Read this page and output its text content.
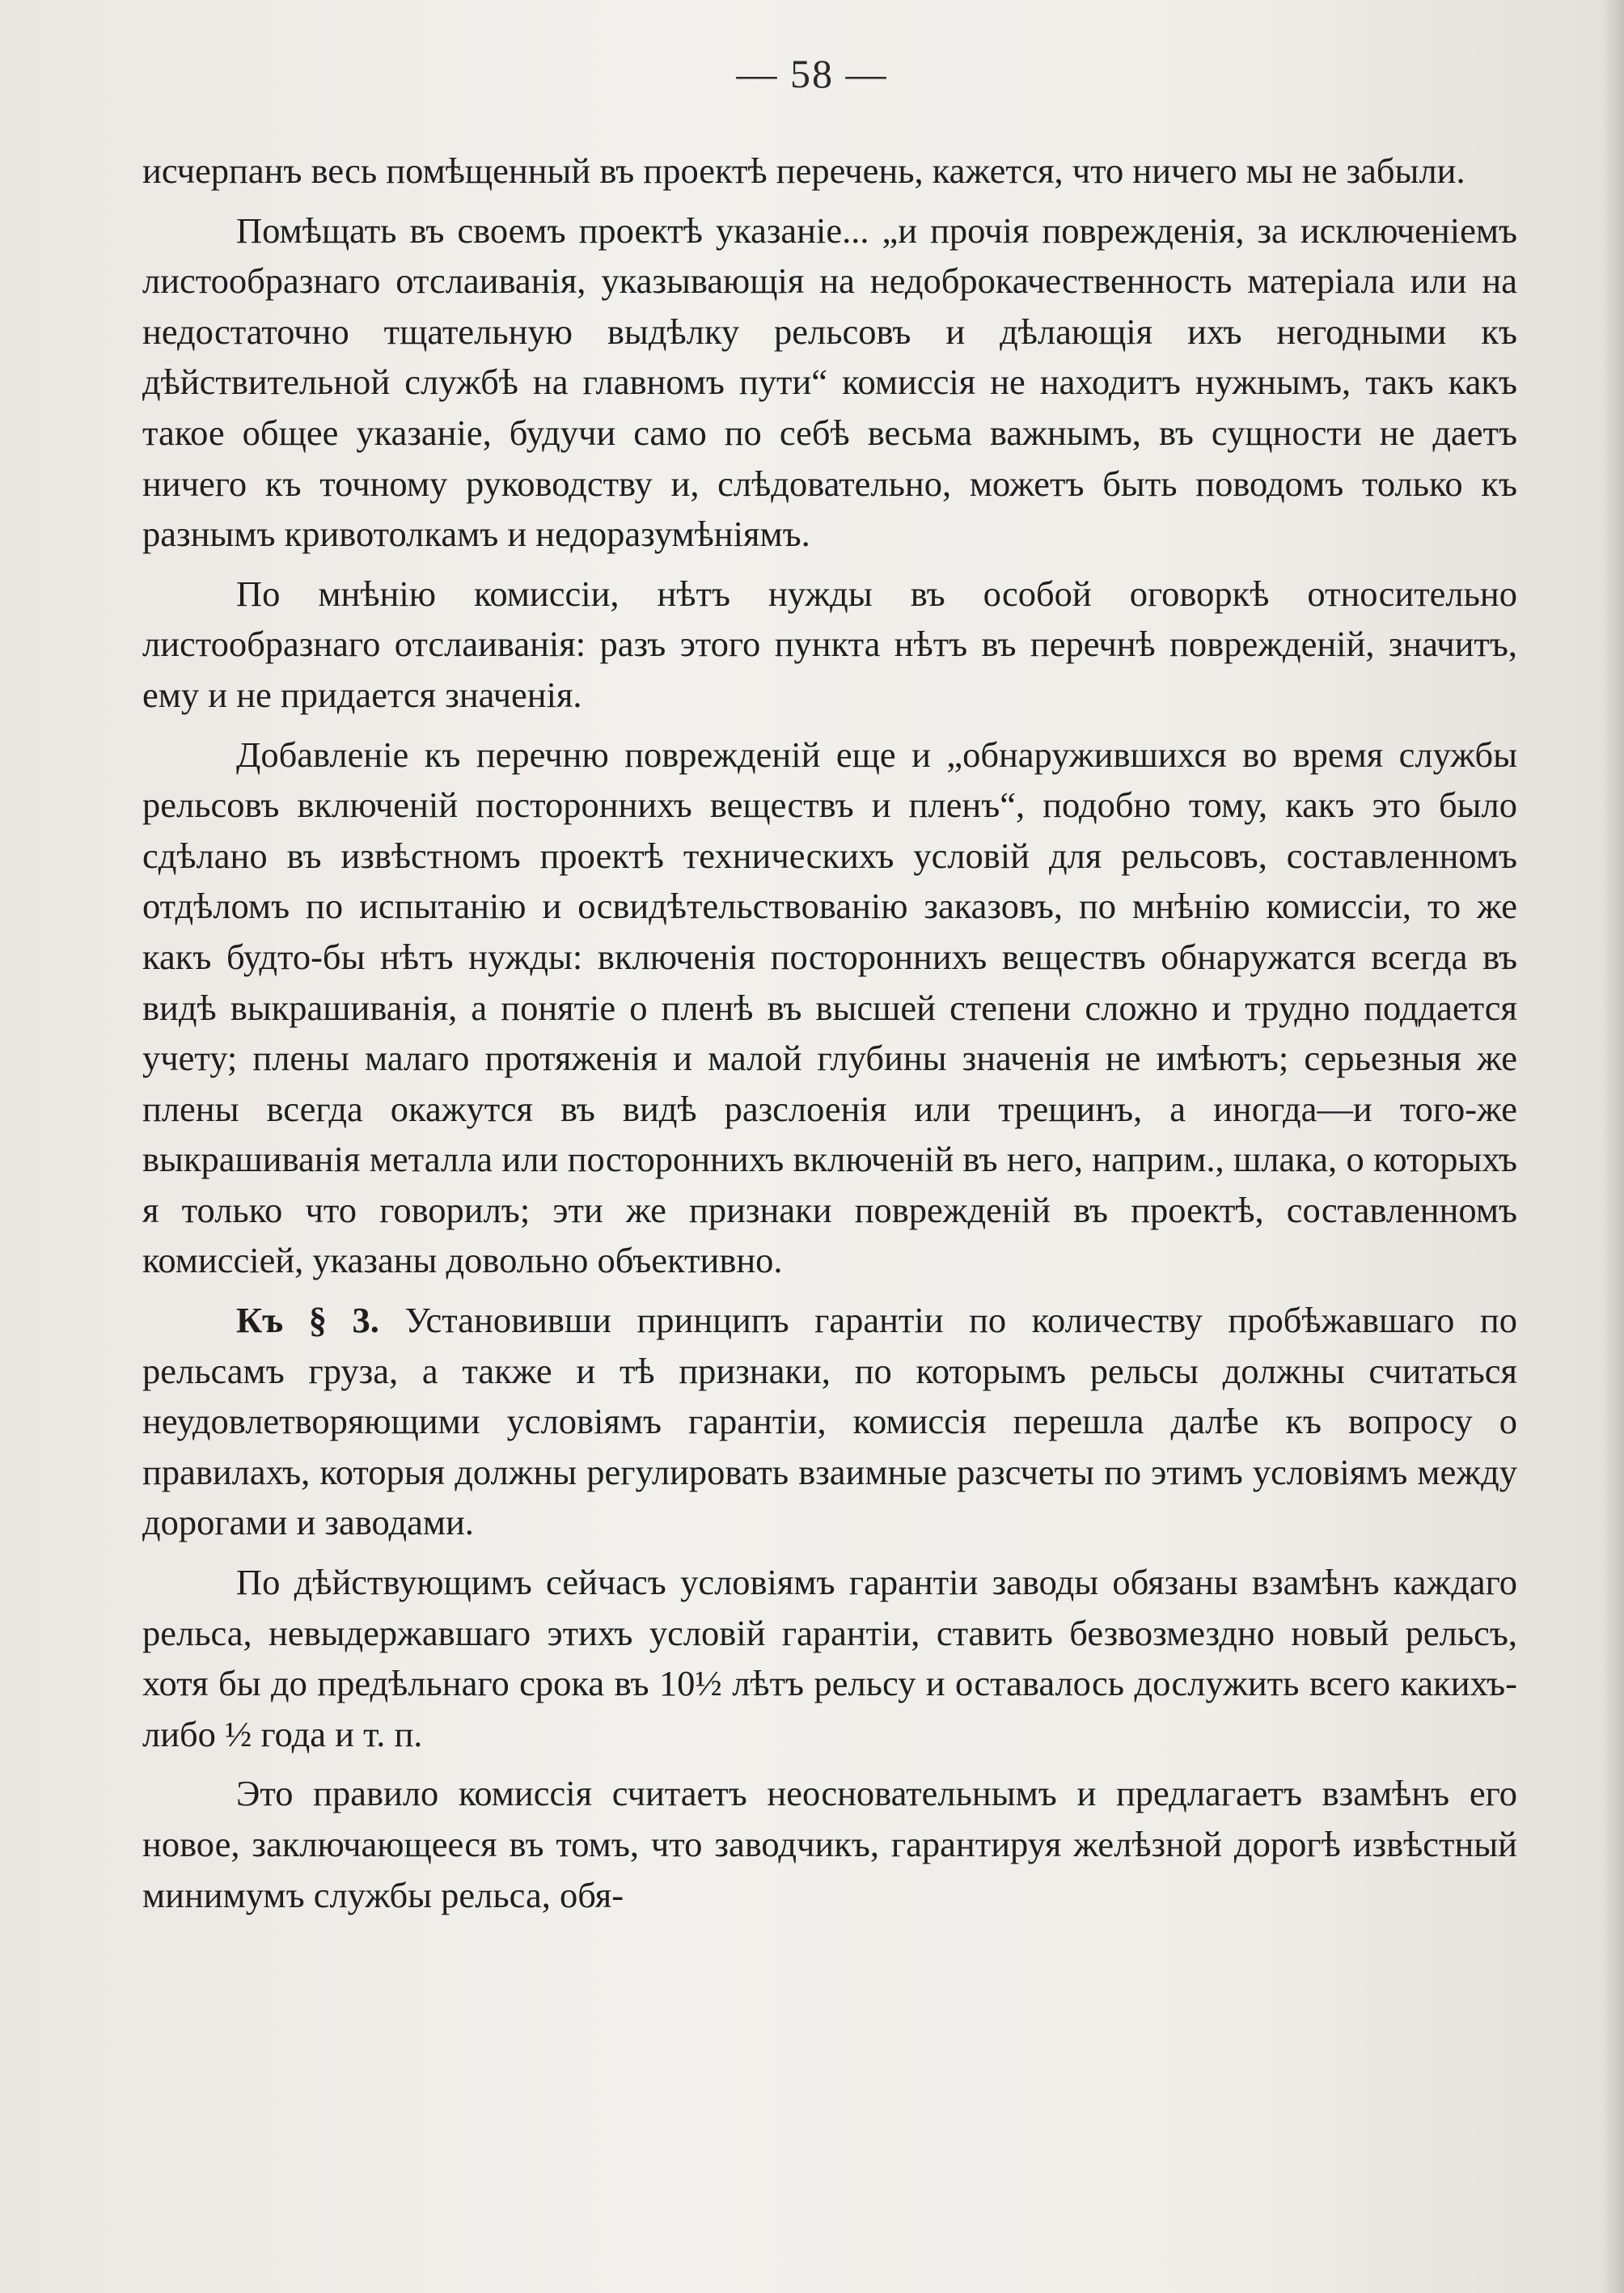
— 58 —

исчерпанъ весь помѣщенный въ проектѣ перечень, кажется, что ничего мы не забыли.

Помѣщать въ своемъ проектѣ указаніе... „и прочія поврежденія, за исключеніемъ листообразнаго отслаиванія, указывающія на недоброкачественность матеріала или на недостаточно тщательную выдѣлку рельсовъ и дѣлающія ихъ негодными къ дѣйствительной службѣ на главномъ пути“ комиссія не находитъ нужнымъ, такъ какъ такое общее указаніе, будучи само по себѣ весьма важнымъ, въ сущности не даетъ ничего къ точному руководству и, слѣдовательно, можетъ быть поводомъ только къ разнымъ кривотолкамъ и недоразумѣніямъ.

По мнѣнію комиссіи, нѣтъ нужды въ особой оговоркѣ относительно листообразнаго отслаиванія: разъ этого пункта нѣтъ въ перечнѣ поврежденій, значитъ, ему и не придается значенія.

Добавленіе къ перечню поврежденій еще и „обнаружившихся во время службы рельсовъ включеній постороннихъ веществъ и пленъ“, подобно тому, какъ это было сдѣлано въ извѣстномъ проектѣ техническихъ условій для рельсовъ, составленномъ отдѣломъ по испытанію и освидѣтельствованію заказовъ, по мнѣнію комиссіи, то же какъ будто-бы нѣтъ нужды: включенія постороннихъ веществъ обнаружатся всегда въ видѣ выкрашиванія, а понятіе о пленѣ въ высшей степени сложно и трудно поддается учету; плены малаго протяженія и малой глубины значенія не имѣютъ; серьезныя же плены всегда окажутся въ видѣ разслоенія или трещинъ, а иногда—и того-же выкрашиванія металла или постороннихъ включеній въ него, наприм., шлака, о которыхъ я только что говорилъ; эти же признаки поврежденій въ проектѣ, составленномъ комиссіей, указаны довольно объективно.

Къ § 3. Установивши принципъ гарантіи по количеству пробѣжавшаго по рельсамъ груза, а также и тѣ признаки, по которымъ рельсы должны считаться неудовлетворяющими условіямъ гарантіи, комиссія перешла далѣе къ вопросу о правилахъ, которыя должны регулировать взаимные разсчеты по этимъ условіямъ между дорогами и заводами.

По дѣйствующимъ сейчасъ условіямъ гарантіи заводы обязаны взамѣнъ каждаго рельса, невыдержавшаго этихъ условій гарантіи, ставить безвозмездно новый рельсъ, хотя бы до предѣльнаго срока въ 10½ лѣтъ рельсу и оставалось дослужить всего какихъ-либо ½ года и т. п.

Это правило комиссія считаетъ неосновательнымъ и предлагаетъ взамѣнъ его новое, заключающееся въ томъ, что заводчикъ, гарантируя желѣзной дорогѣ извѣстный минимумъ службы рельса, обя-
